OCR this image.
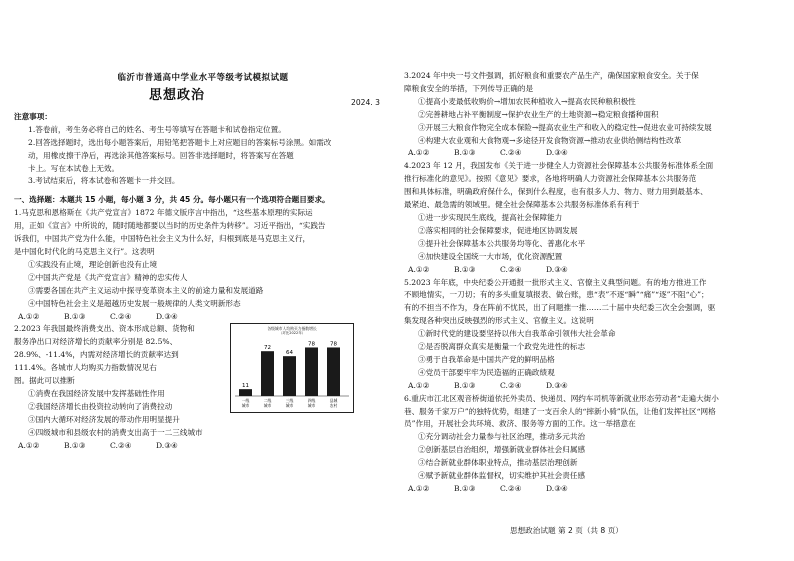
临沂市普通高中学业水平等级考试模拟试题
思想政治	2024. 3

注意事项：

1.答卷前，考生务必将自己的姓名、考生号等填写在答题卡和试卷指定位置。

2.回答选择题时，选出每小题答案后，用铅笔把答题卡上对应题目的答案标号涂黑。如需改

动，用橡皮擦干净后，再选涂其他答案标号。回答非选择题时，将答案写在答题

卡上。写在本试卷上无效。

3.考试结束后，将本试卷和答题卡一并交回。

一、选择题：本题共 15 小题，每小题 3 分，共 45 分。每小题只有一个选项符合题目要求。

1.马克思和恩格斯在《共产党宣言》1872 年德文版序言中指出，“这些基本原理的实际运

用，正如《宣言》中所说的，随时随地都要以当时的历史条件为转移”。习近平指出，“实践告

诉我们，中国共产党为什么能，中国特色社会主义为什么好，归根到底是马克思主义行，

是中国化时代化的马克思主义行”。这表明

①实践没有止境，理论创新也没有止境

②中国共产党是《共产党宣言》精神的忠实传人

③需要各国在共产主义运动中探寻变革资本主义的前途力量和发展道路

④中国特色社会主义是超越历史发展一般规律的人类文明新形态

A.①②	B.①③	C.②④	D.③④

2.2023 年我国最终消费支出、资本形成总额、货物和

服务净出口对经济增长的贡献率分别是 82.5%、

28.9%、-11.4%，内需对经济增长的贡献率达到

111.4%。各城市人均购买力指数情况见右

图。据此可以推断

各级城市人均购买力指数增长
（对比2022年）
11
一线
城市
72
二线
城市
64
三线
城市
78
四线
城市
78
县城
农村

①消费在我国经济发展中发挥基础性作用

②我国经济增长由投资拉动转向了消费拉动

③国内大循环对经济发展的带动作用明显提升

④四级城市和县级农村的消费支出高于一二三线城市

A.①②	B.①③	C.②④	D.③④

3.2024 年中央一号文件强调，抓好粮食和重要农产品生产，确保国家粮食安全。关于保

障粮食安全的举措，下列传导正确的是

①提高小麦最低收购价→增加农民种植收入→提高农民种粮积极性

②完善耕地占补平衡制度→保护农业生产的土地资源→稳定粮食播种面积

③开展三大粮食作物完全成本保险→提高农业生产和收入的稳定性→促进农业可持续发展

④构建大农业观和大食物观→多途径开发食物资源→推动农业供给侧结构性改革

A.①②	B.①③	C.②④	D.③④

4.2023 年 12 月，我国发布《关于进一步健全人力资源社会保障基本公共服务标准体系全面

推行标准化的意见》。按照《意见》要求，各地将明确人力资源社会保障基本公共服务范

围和具体标准，明确政府保什么，保到什么程度，也有很多人力、物力、财力用到最基本、

最紧迫、最急需的领域里。健全社会保障基本公共服务标准体系有利于

①进一步实现民生底线，提高社会保障能力

②落实相同的社会保障要求，促进地区协调发展

③提升社会保障基本公共服务均等化、普惠化水平

④加快建设全国统一大市场，优化资源配置

A.①②	B.①③	C.②④	D.③④

5.2023 年年底，中央纪委公开通报一批形式主义、官僚主义典型问题。有的地方推进工作

不顾地情实，一刀切；有的多头重复填报表、做台账，患“表”不逐“瞬”“痛”“逐”不阻“心”；

有的不担当不作为，身在阵前不忧民，出了问题推一推……二十届中央纪委三次全会强调，驱

集发现各种突出反映强烈的形式主义、官僚主义。这说明

①新时代党的建设要坚持以伟大自我革命引领伟大社会革命

②是否脱离群众真实是衡量一个政党先进性的标志

③勇于自我革命是中国共产党的鲜明品格

④党员干部要牢牢为民造福的正确政绩观

A.①②	B.①③	C.②④	D.③④

6.重庆市江北区观音桥街道依托外卖员、快递员、网约车司机等新就业形态劳动者“走遍大街小

巷、服务千家万户”的独特优势，组建了一支百余人的“摔新小骑”队伍，让他们发挥社区“网格

员”作用，开展社会共环境、救济、服务等方面的工作。这一举措意在

①充分调动社会力量参与社区治理，推动多元共治

②创新基层自治组织，增强新就业群体社会归属感

③结合新就业群体职业特点，推动基层治理创新

④赋予新就业群体监督权，切实维护其社会责任感

A.①②	B.①③	C.②④	D.③④

思想政治试题 第 2 页（共 8 页）
